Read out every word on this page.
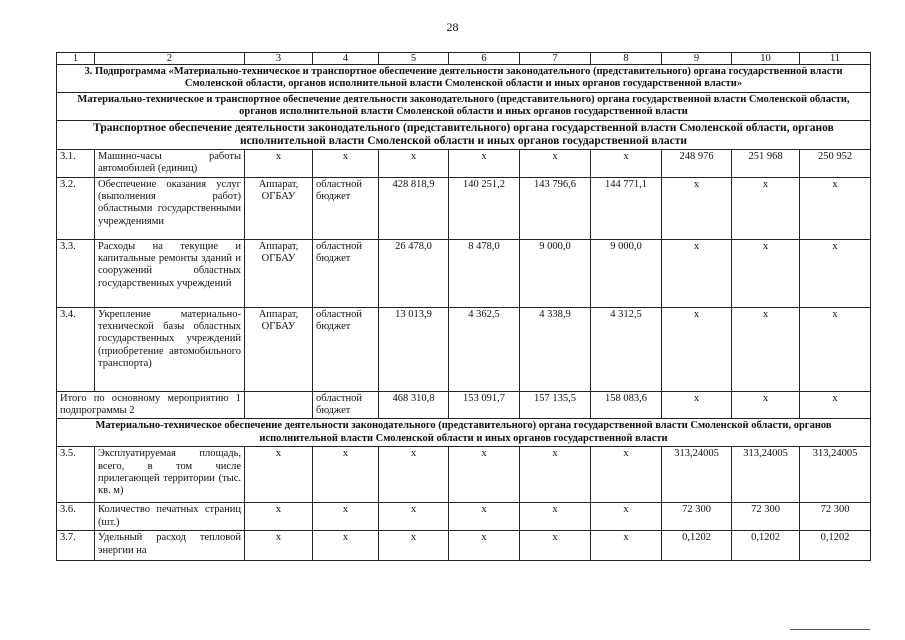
28
1	2	3	4	5	6	7	8	9	10	11
3. Подпрограмма «Материально-техническое и транспортное обеспечение деятельности законодательного (представительного) органа государственной власти Смоленской области, органов исполнительной власти Смоленской области и иных органов государственной власти»										
Материально-техническое и транспортное обеспечение деятельности законодательного (представительного) органа государственной власти Смоленской области, органов исполнительной власти Смоленской области и иных органов государственной власти										
Транспортное обеспечение деятельности законодательного (представительного) органа государственной власти Смоленской области, органов исполнительной власти Смоленской области и иных органов государственной власти										
3.1.	Машино-часы работы автомобилей (единиц)	х	х	х	х	х	х	248 976	251 968	250 952
3.2.	Обеспечение оказания услуг (выполнения работ) областными государственными учреждениями	Аппарат, ОГБАУ	областной бюджет	428 818,9	140 251,2	143 796,6	144 771,1	х	х	х
3.3.	Расходы на текущие и капитальные ремонты зданий и сооружений областных государственных учреждений	Аппарат, ОГБАУ	областной бюджет	26 478,0	8 478,0	9 000,0	9 000,0	х	х	х
3.4.	Укрепление материально-технической базы областных государственных учреждений (приобретение автомобильного транспорта)	Аппарат, ОГБАУ	областной бюджет	13 013,9	4 362,5	4 338,9	4 312,5	х	х	х
Итого по основному мероприятию 1 подпрограммы 2			областной бюджет	468 310,8	153 091,7	157 135,5	158 083,6	х	х	х
Материально-техническое обеспечение деятельности законодательного (представительного) органа государственной власти Смоленской области, органов исполнительной власти Смоленской области и иных органов государственной власти										
3.5.	Эксплуатируемая площадь, всего, в том числе прилегающей территории (тыс. кв. м)	х	х	х	х	х	х	313,24005	313,24005	313,24005
3.6.	Количество печатных страниц (шт.)	х	х	х	х	х	х	72 300	72 300	72 300
3.7.	Удельный расход тепловой энергии на	х	х	х	х	х	х	0,1202	0,1202	0,1202
